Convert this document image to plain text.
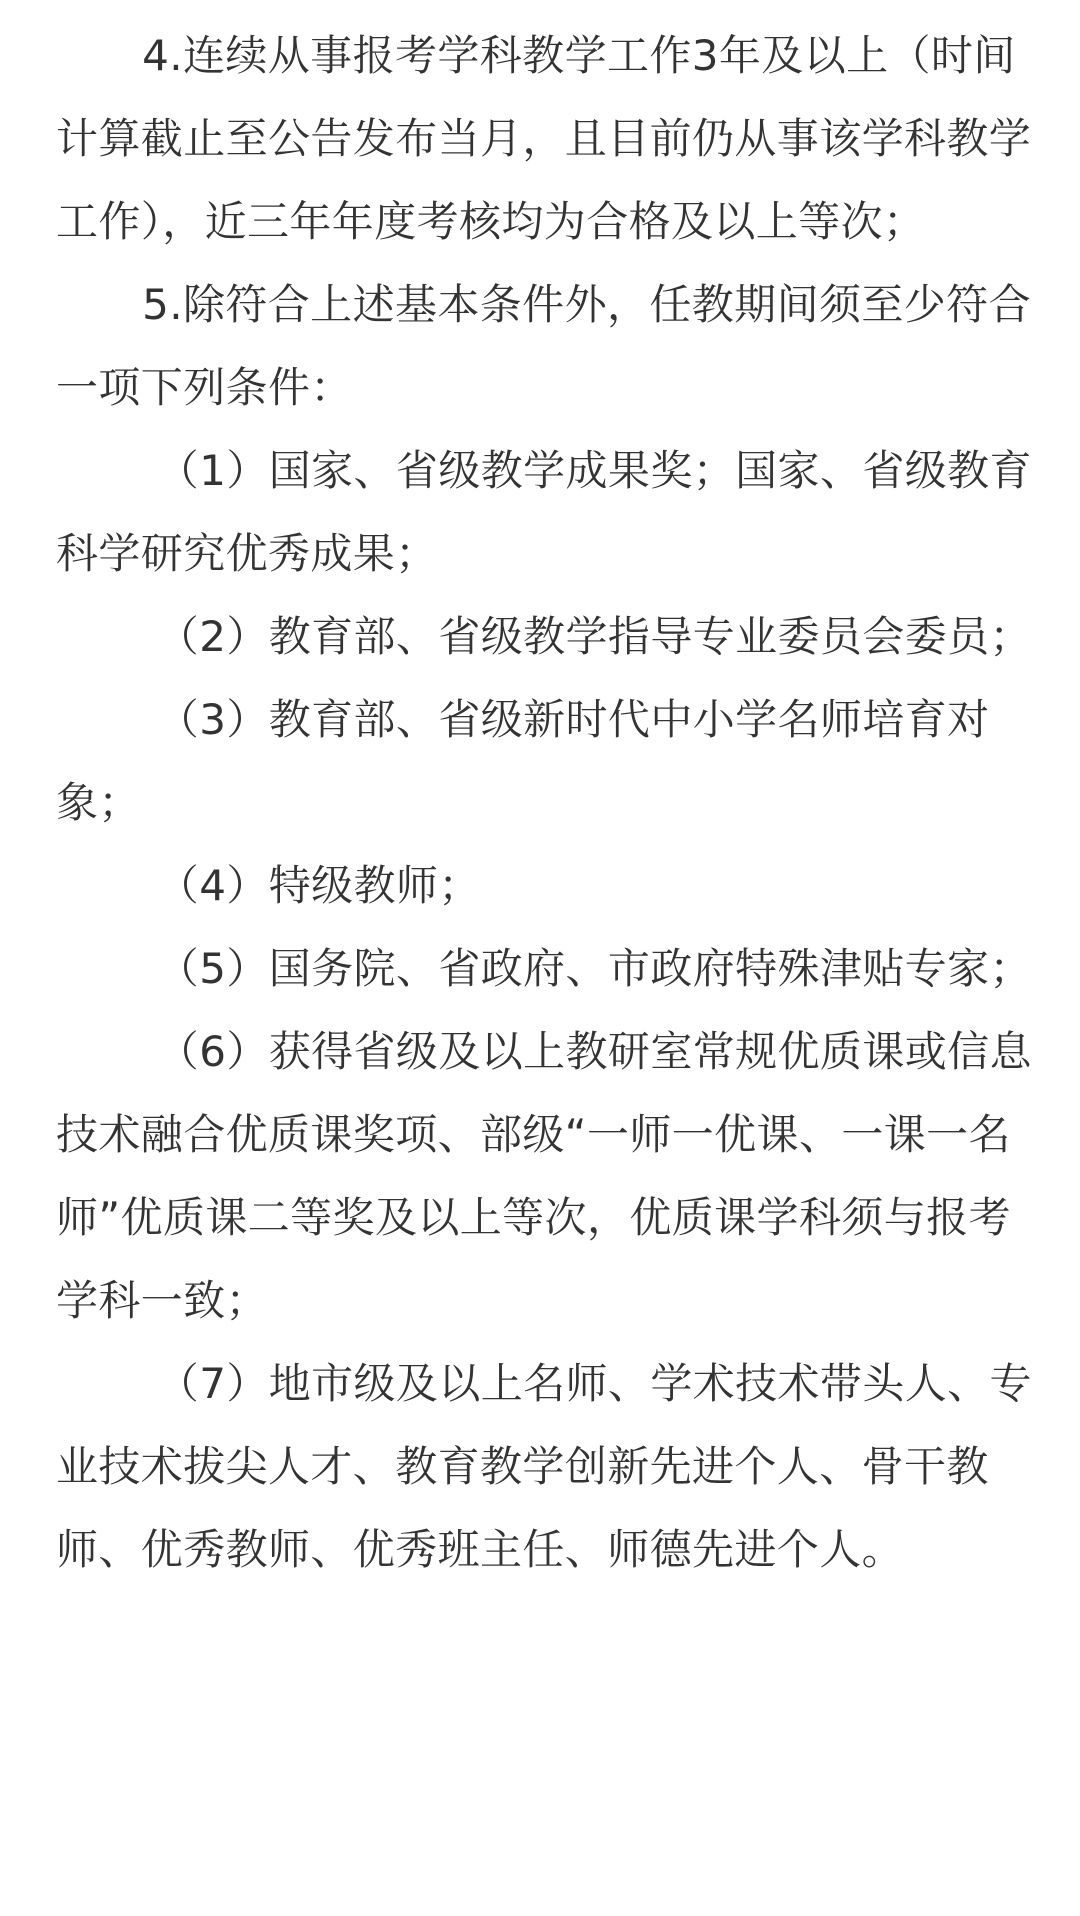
4.连续从事报考学科教学工作3年及以上（时间计算截止至公告发布当月，且目前仍从事该学科教学工作），近三年年度考核均为合格及以上等次；

5.除符合上述基本条件外，任教期间须至少符合一项下列条件：

（1）国家、省级教学成果奖；国家、省级教育科学研究优秀成果；

（2）教育部、省级教学指导专业委员会委员；

（3）教育部、省级新时代中小学名师培育对象；

（4）特级教师；

（5）国务院、省政府、市政府特殊津贴专家；

（6）获得省级及以上教研室常规优质课或信息技术融合优质课奖项、部级“一师一优课、一课一名师”优质课二等奖及以上等次，优质课学科须与报考学科一致；

（7）地市级及以上名师、学术技术带头人、专业技术拔尖人才、教育教学创新先进个人、骨干教师、优秀教师、优秀班主任、师德先进个人。
